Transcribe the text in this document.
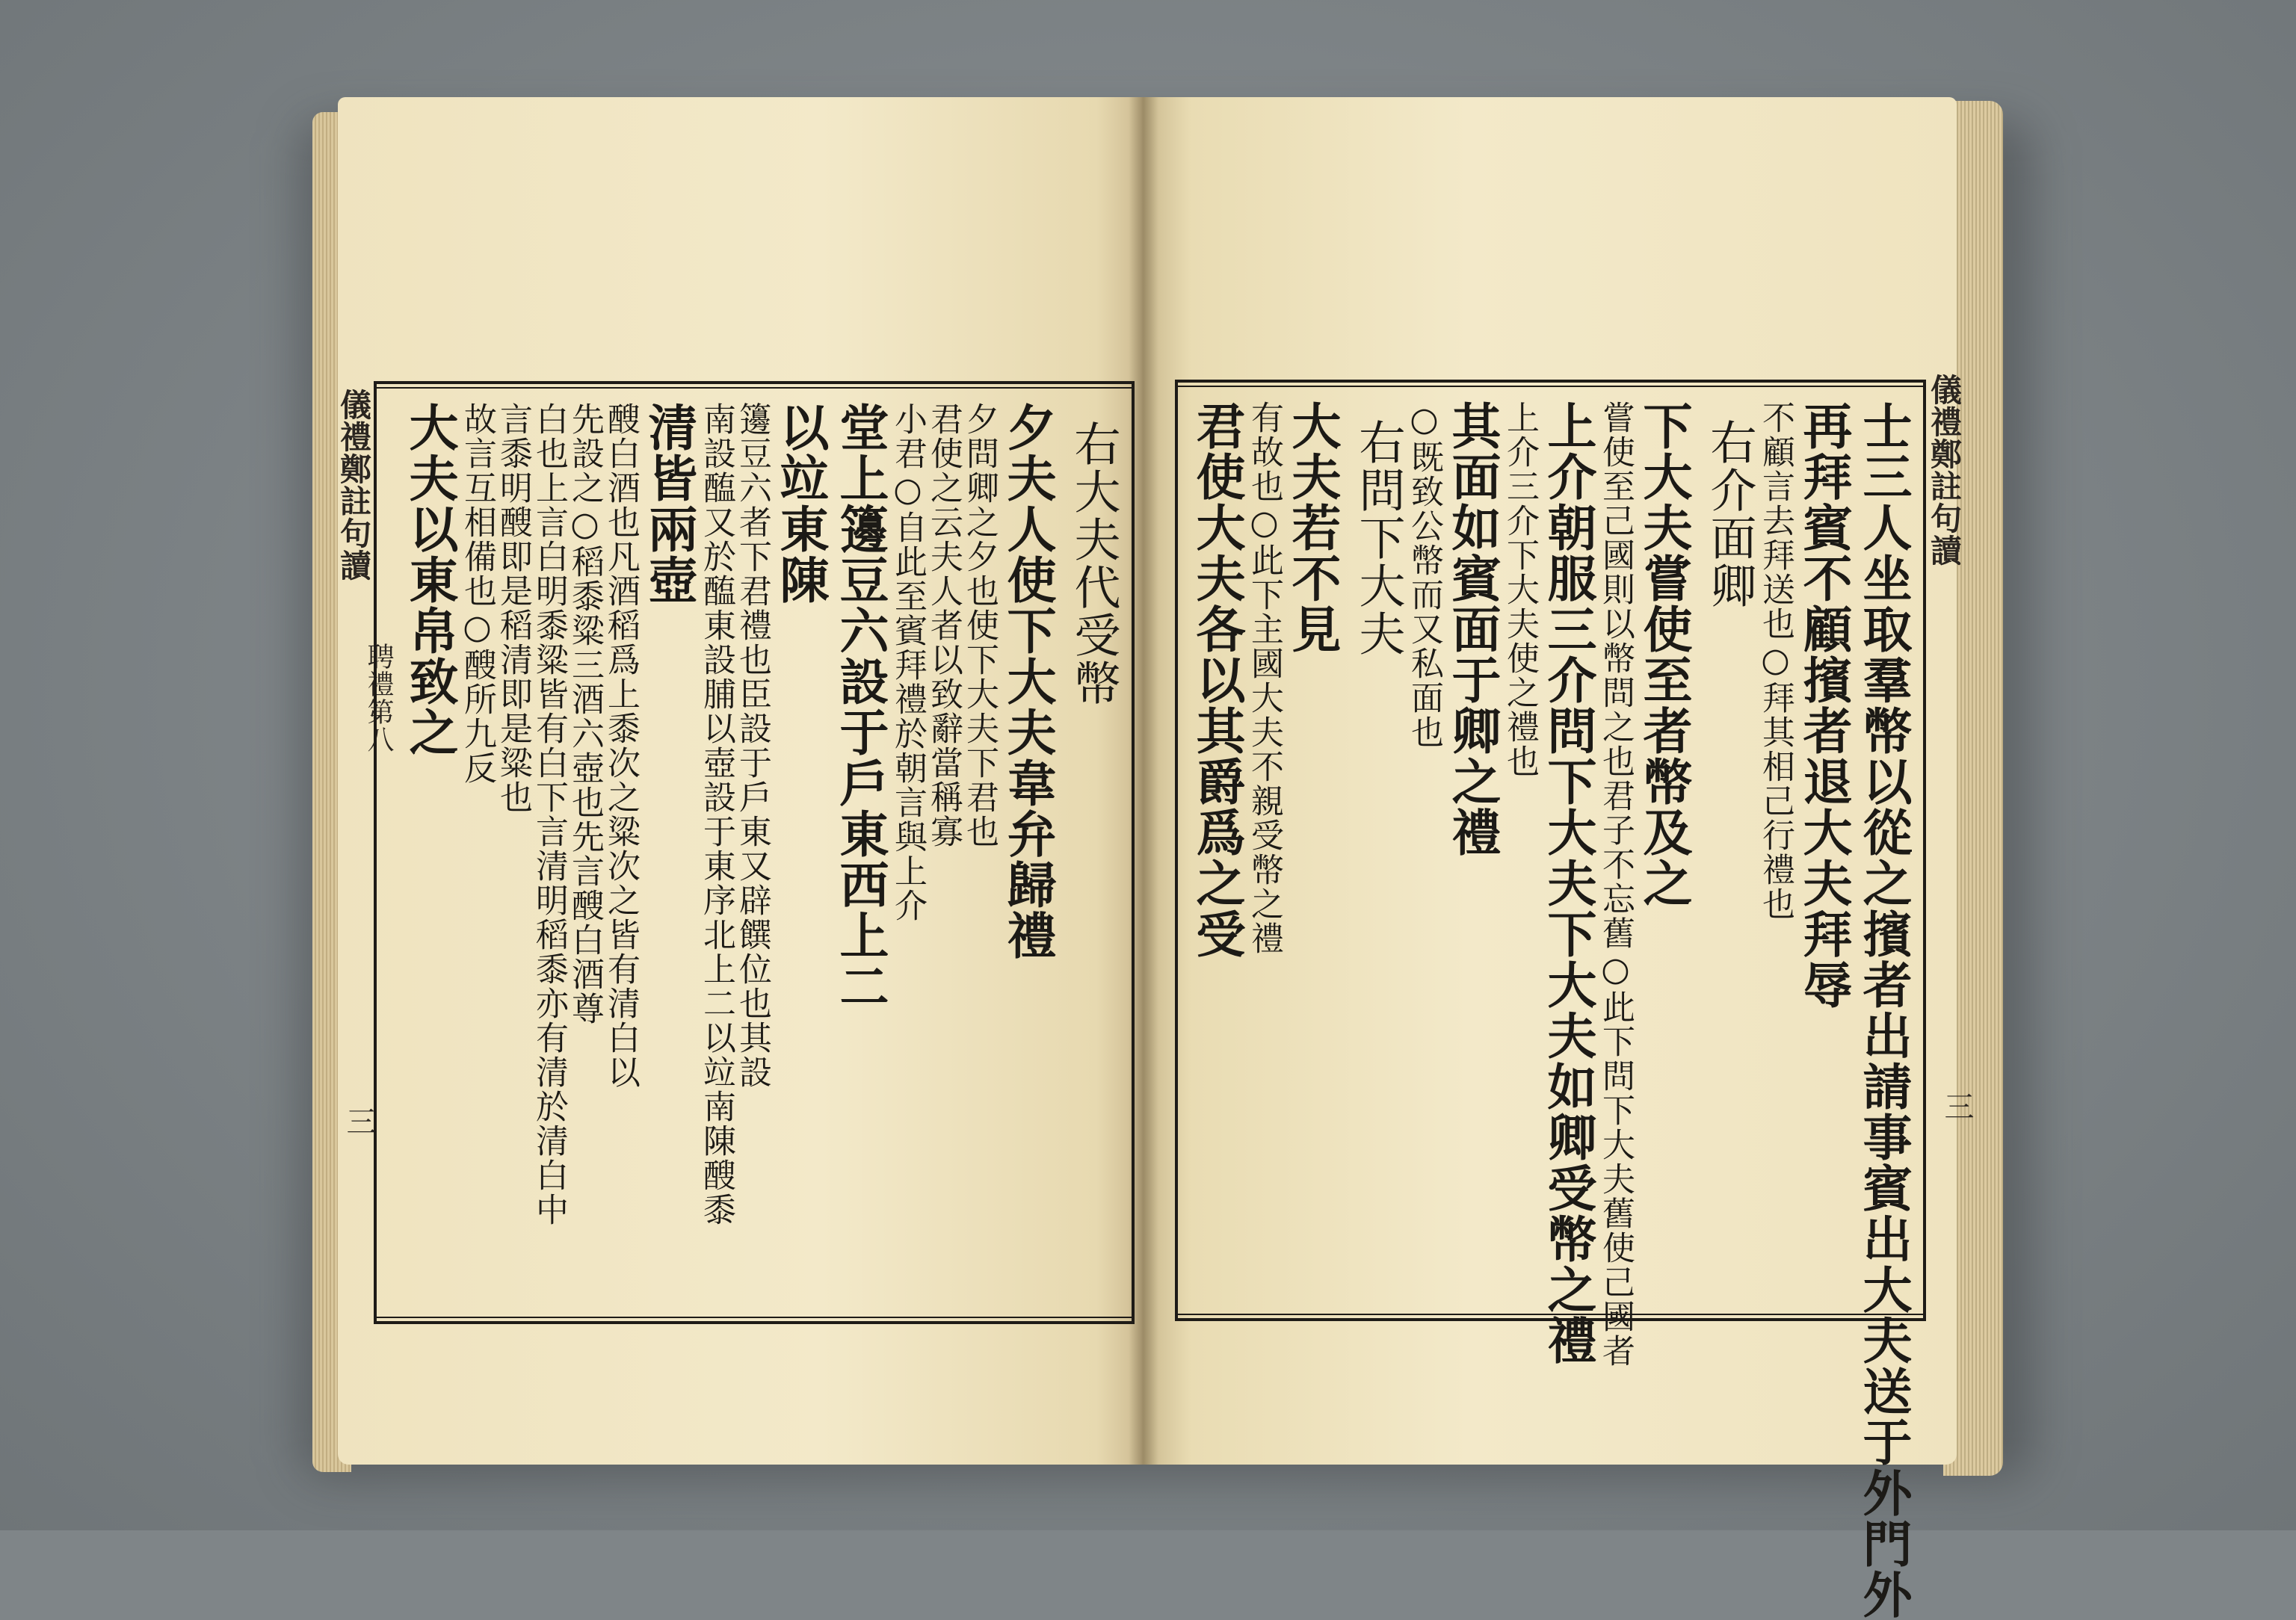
儀禮鄭註句讀
聘禮第八
三
儀禮鄭註句讀
三
右大夫代受幣
夕夫人使下大夫韋弁歸禮
夕問卿之夕也使下大夫下君也
君使之云夫人者以致辭當稱寡
小君○自此至賓拜禮於朝言與上介
堂上籩豆六設于戶東西上二
以竝東陳
籩豆六者下君禮也臣設于戶東又辟饌位也其設
南設醢又於醢東設脯以壺設于東序北上二以竝南陳醙黍
清皆兩壺
醙白酒也凡酒稻爲上黍次之粱次之皆有清白以
先設之○稻黍粱三酒六壺也先言醙白酒尊
白也上言白明黍粱皆有白下言清明稻黍亦有清於清白中
言黍明醙即是稻清即是粱也
故言互相備也○醙所九反
大夫以東帛致之	士三人坐取羣幣以從之擯者出請事賓出大夫送于外門外
再拜賓不顧擯者退大夫拜辱
不顧言去拜送也○拜其相己行禮也
右介面卿
下大夫嘗使至者幣及之
嘗使至己國則以幣問之也君子不忘舊○此下問下大夫舊使己國者
上介朝服三介問下大夫下大夫如卿受幣之禮
上介三介下大夫使之禮也
其面如賓面于卿之禮
○既致公幣而又私面也
右問下大夫
大夫若不見
有故也○此下主國大夫不親受幣之禮
君使大夫各以其爵爲之受
